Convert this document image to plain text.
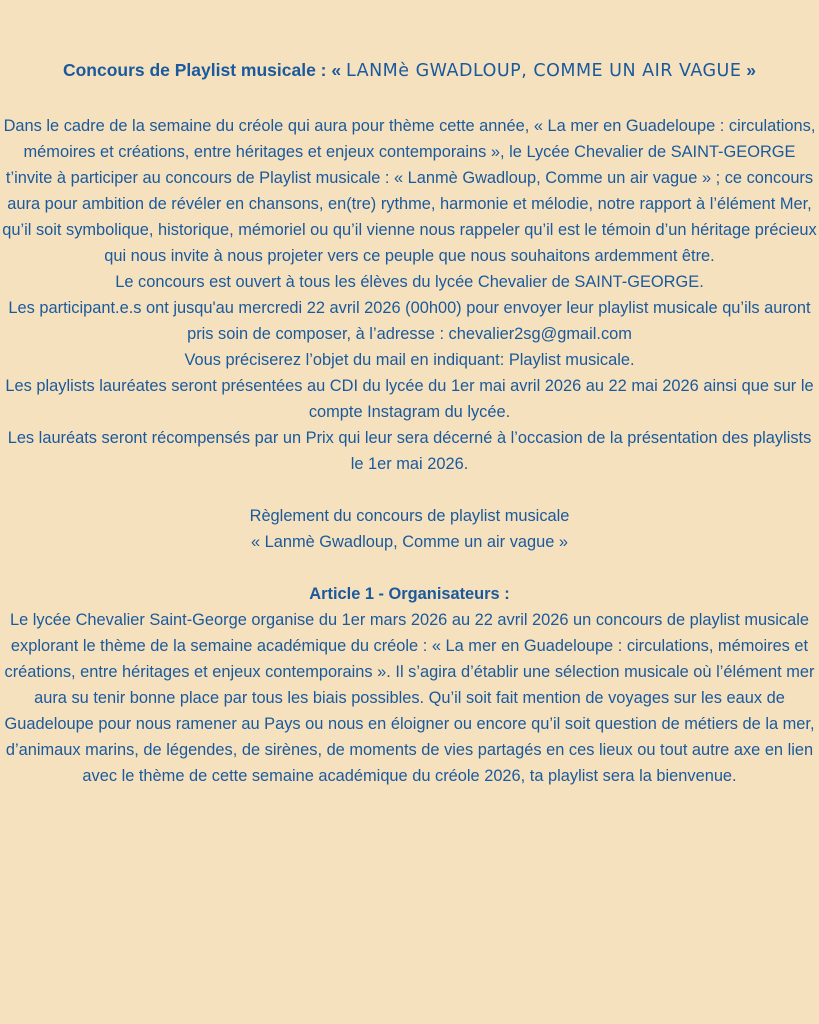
Concours de Playlist musicale : « LANMè GWADLOUP, COMME UN AIR VAGUE »

Dans le cadre de la semaine du créole qui aura pour thème cette année, « La mer en Guadeloupe : circulations, mémoires et créations, entre héritages et enjeux contemporains », le Lycée Chevalier de SAINT-GEORGE t’invite à participer au concours de Playlist musicale : « Lanmè Gwadloup, Comme un air vague » ; ce concours aura pour ambition de révéler en chansons, en(tre) rythme, harmonie et mélodie, notre rapport à l’élément Mer, qu’il soit symbolique, historique, mémoriel ou qu’il vienne nous rappeler qu’il est le témoin d’un héritage précieux qui nous invite à nous projeter vers ce peuple que nous souhaitons ardemment être.

Le concours est ouvert à tous les élèves du lycée Chevalier de SAINT-GEORGE.

Les participant.e.s ont jusqu'au mercredi 22 avril 2026 (00h00) pour envoyer leur playlist musicale qu’ils auront pris soin de composer, à l’adresse : chevalier2sg@gmail.com

Vous préciserez l’objet du mail en indiquant: Playlist musicale.

Les playlists lauréates seront présentées au CDI du lycée du 1er mai avril 2026 au 22 mai 2026 ainsi que sur le compte Instagram du lycée.

Les lauréats seront récompensés par un Prix qui leur sera décerné à l’occasion de la présentation des playlists le 1er mai 2026.

Règlement du concours de playlist musicale

« Lanmè Gwadloup, Comme un air vague »

Article 1 - Organisateurs :

Le lycée Chevalier Saint-George organise du 1er mars 2026 au 22 avril 2026 un concours de playlist musicale explorant le thème de la semaine académique du créole : « La mer en Guadeloupe : circulations, mémoires et créations, entre héritages et enjeux contemporains ». Il s’agira d’établir une sélection musicale où l’élément mer aura su tenir bonne place par tous les biais possibles. Qu’il soit fait mention de voyages sur les eaux de Guadeloupe pour nous ramener au Pays ou nous en éloigner ou encore qu’il soit question de métiers de la mer, d’animaux marins, de légendes, de sirènes, de moments de vies partagés en ces lieux ou tout autre axe en lien avec le thème de cette semaine académique du créole 2026, ta playlist sera la bienvenue.
